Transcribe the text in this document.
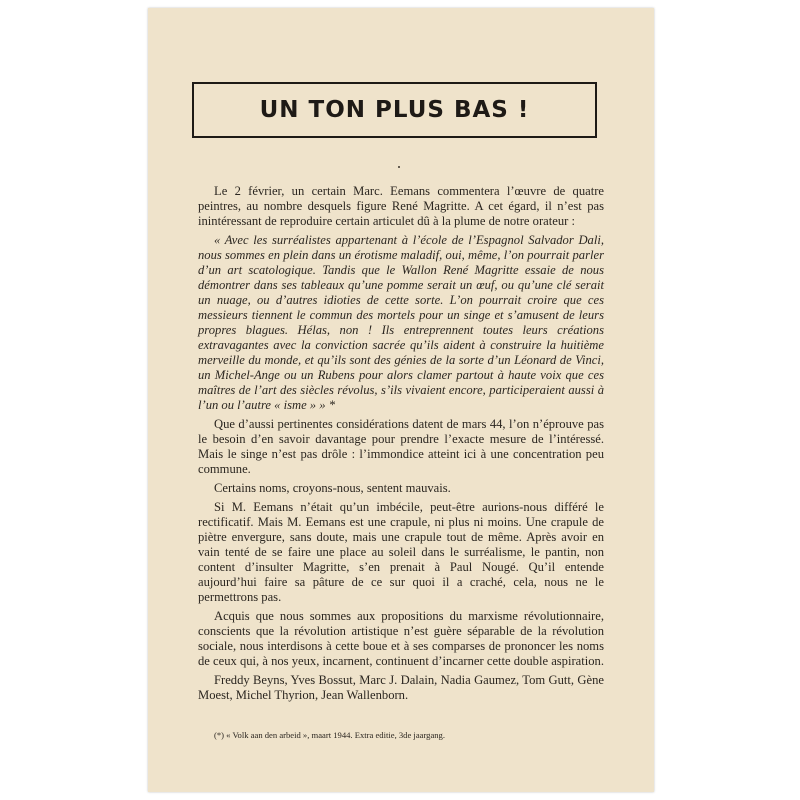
UN TON PLUS BAS !

Le 2 février, un certain Marc. Eemans commentera l’œuvre de quatre peintres, au nombre desquels figure René Magritte. A cet égard, il n’est pas inintéressant de reproduire certain articulet dû à la plume de notre orateur :

« Avec les surréalistes appartenant à l’école de l’Espagnol Salvador Dali, nous sommes en plein dans un érotisme maladif, oui, même, l’on pourrait parler d’un art scatologique. Tandis que le Wallon René Magritte essaie de nous démontrer dans ses tableaux qu’une pomme serait un œuf, ou qu’une clé serait un nuage, ou d’autres idioties de cette sorte. L’on pourrait croire que ces messieurs tiennent le commun des mortels pour un singe et s’amusent de leurs propres blagues. Hélas, non ! Ils entreprennent toutes leurs créations extravagantes avec la conviction sacrée qu’ils aident à construire la huitième merveille du monde, et qu’ils sont des génies de la sorte d’un Léonard de Vinci, un Michel-Ange ou un Rubens pour alors clamer partout à haute voix que ces maîtres de l’art des siècles révolus, s’ils vivaient encore, participeraient aussi à l’un ou l’autre « isme » » *

Que d’aussi pertinentes considérations datent de mars 44, l’on n’éprouve pas le besoin d’en savoir davantage pour prendre l’exacte mesure de l’intéressé. Mais le singe n’est pas drôle : l’immondice atteint ici à une concentration peu commune.

Certains noms, croyons-nous, sentent mauvais.

Si M. Eemans n’était qu’un imbécile, peut-être aurions-nous différé le rectificatif. Mais M. Eemans est une crapule, ni plus ni moins. Une crapule de piètre envergure, sans doute, mais une crapule tout de même. Après avoir en vain tenté de se faire une place au soleil dans le surréalisme, le pantin, non content d’insulter Magritte, s’en prenait à Paul Nougé. Qu’il entende aujourd’hui faire sa pâture de ce sur quoi il a craché, cela, nous ne le permettrons pas.

Acquis que nous sommes aux propositions du marxisme révolutionnaire, conscients que la révolution artistique n’est guère séparable de la révolution sociale, nous interdisons à cette boue et à ses comparses de prononcer les noms de ceux qui, à nos yeux, incarnent, continuent d’incarner cette double aspiration.

Freddy Beyns, Yves Bossut, Marc J. Dalain, Nadia Gaumez, Tom Gutt, Gène Moest, Michel Thyrion, Jean Wallenborn.

(*) « Volk aan den arbeid », maart 1944. Extra editie, 3de jaargang.
